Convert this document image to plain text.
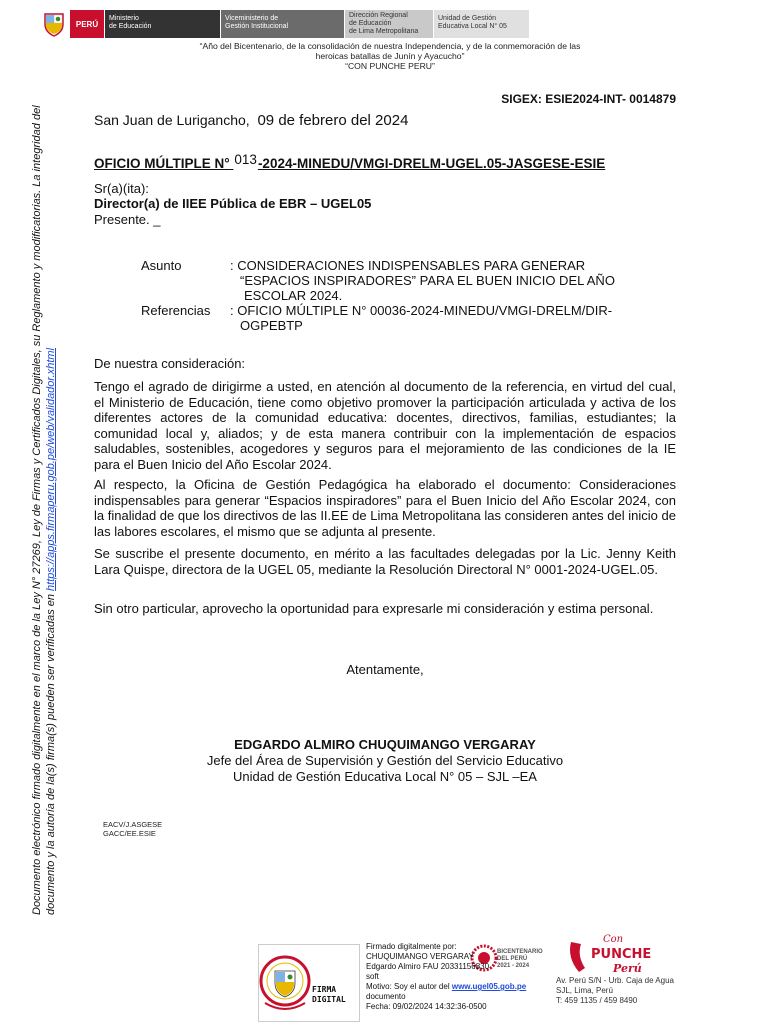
PERÚ
Ministerio
de Educación
Viceministerio de
Gestión Institucional
Dirección Regional
de Educación
de Lima Metropolitana
Unidad de Gestión
Educativa Local N° 05
“Año del Bicentenario, de la consolidación de nuestra Independencia, y de la conmemoración de las
heroicas batallas de Junín y Ayacucho”
“CON PUNCHE PERU”
Documento electrónico firmado digitalmente en el marco de la Ley N° 27269, Ley de Firmas y Certificados Digitales, su Reglamento y modificatorias. La integridad del documento y la autoría de la(s) firma(s) pueden ser verificadas en https://apps.firmaperu.gob.pe/web/validador.xhtml
SIGEX: ESIE2024-INT- 0014879
San Juan de Lurigancho, 09 de febrero del 2024
OFICIO MÚLTIPLE N° 013-2024-MINEDU/VMGI-DRELM-UGEL.05-JASGESE-ESIE
Sr(a)(ita):
Director(a) de IIEE Pública de EBR – UGEL05
Presente. _
Asunto	: CONSIDERACIONES INDISPENSABLES PARA GENERAR
“ESPACIOS INSPIRADORES” PARA EL BUEN INICIO DEL AÑO
ESCOLAR 2024.
Referencias : OFICIO MÚLTIPLE N° 00036-2024-MINEDU/VMGI-DRELM/DIR-
OGPEBTP
De nuestra consideración:
Tengo el agrado de dirigirme a usted, en atención al documento de la referencia, en virtud del cual, el Ministerio de Educación, tiene como objetivo promover la participación articulada y activa de los diferentes actores de la comunidad educativa: docentes, directivos, familias, estudiantes; la comunidad local y, aliados; y de esta manera contribuir con la implementación de espacios saludables, sostenibles, acogedores y seguros para el mejoramiento de las condiciones de la IE para el Buen Inicio del Año Escolar 2024.
Al respecto, la Oficina de Gestión Pedagógica ha elaborado el documento: Consideraciones indispensables para generar “Espacios inspiradores” para el Buen Inicio del Año Escolar 2024, con la finalidad de que los directivos de las II.EE de Lima Metropolitana las consideren antes del inicio de las labores escolares, el mismo que se adjunta al presente.
Se suscribe el presente documento, en mérito a las facultades delegadas por la Lic. Jenny Keith Lara Quispe, directora de la UGEL 05, mediante la Resolución Directoral N° 0001-2024-UGEL.05.
Sin otro particular, aprovecho la oportunidad para expresarle mi consideración y estima personal.
Atentamente,
EDGARDO ALMIRO CHUQUIMANGO VERGARAY
Jefe del Área de Supervisión y Gestión del Servicio Educativo
Unidad de Gestión Educativa Local N° 05 – SJL –EA
EACV/J.ASGESE
GACC/EE.ESIE
FIRMA
DIGITAL
BICENTENARIO
DEL PERÚ
2021 - 2024
Firmado digitalmente por:
CHUQUIMANGO VERGARAY
Edgardo Almiro FAU 20331156830
soft
Motivo: Soy el autor del www.ugel05.gob.pe
documento
Fecha: 09/02/2024 14:32:36-0500
Con
PUNCHE
Perú
Av. Perú S/N - Urb. Caja de Agua
SJL, Lima, Perú
T: 459 1135 / 459 8490
